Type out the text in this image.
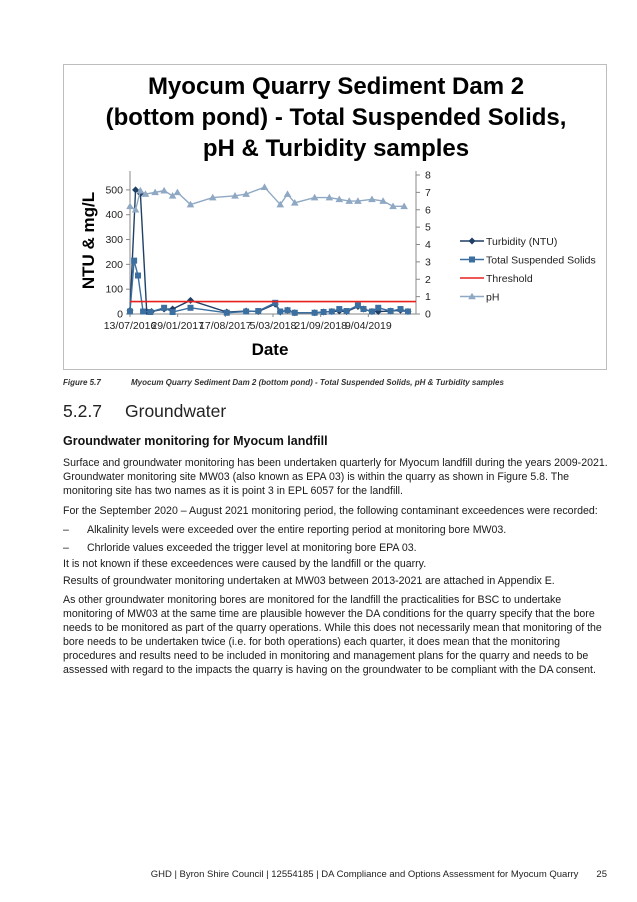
Myocum Quarry Sediment Dam 2 (bottom pond) - Total Suspended Solids, pH & Turbidity samples
0
100
200
300
400
500
0
1
2
3
4
5
6
7
8
13/07/2016
29/01/2017
17/08/2017
5/03/2018
21/09/2018
9/04/2019
Date
NTU & mg/L	Turbidity (NTU)
Total Suspended Solids
Threshold
pH
Figure 5.7	Myocum Quarry Sediment Dam 2 (bottom pond) - Total Suspended Solids, pH & Turbidity samples
5.2.7 Groundwater
Groundwater monitoring for Myocum landfill
Surface and groundwater monitoring has been undertaken quarterly for Myocum landfill during the years 2009-2021. Groundwater monitoring site MW03 (also known as EPA 03) is within the quarry as shown in Figure 5.8. The monitoring site has two names as it is point 3 in EPL 6057 for the landfill.
For the September 2020 – August 2021 monitoring period, the following contaminant exceedences were recorded:
– Alkalinity levels were exceeded over the entire reporting period at monitoring bore MW03.
– Chrloride values exceeded the trigger level at monitoring bore EPA 03.
It is not known if these exceedences were caused by the landfill or the quarry.
Results of groundwater monitoring undertaken at MW03 between 2013-2021 are attached in Appendix E.
As other groundwater monitoring bores are monitored for the landfill the practicalities for BSC to undertake monitoring of MW03 at the same time are plausible however the DA conditions for the quarry specify that the bore needs to be monitored as part of the quarry operations. While this does not necessarily mean that monitoring of the bore needs to be undertaken twice (i.e. for both operations) each quarter, it does mean that the monitoring procedures and results need to be included in monitoring and management plans for the quarry and needs to be assessed with regard to the impacts the quarry is having on the groundwater to be compliant with the DA consent.
GHD | Byron Shire Council | 12554185 | DA Compliance and Options Assessment for Myocum Quarry 25
